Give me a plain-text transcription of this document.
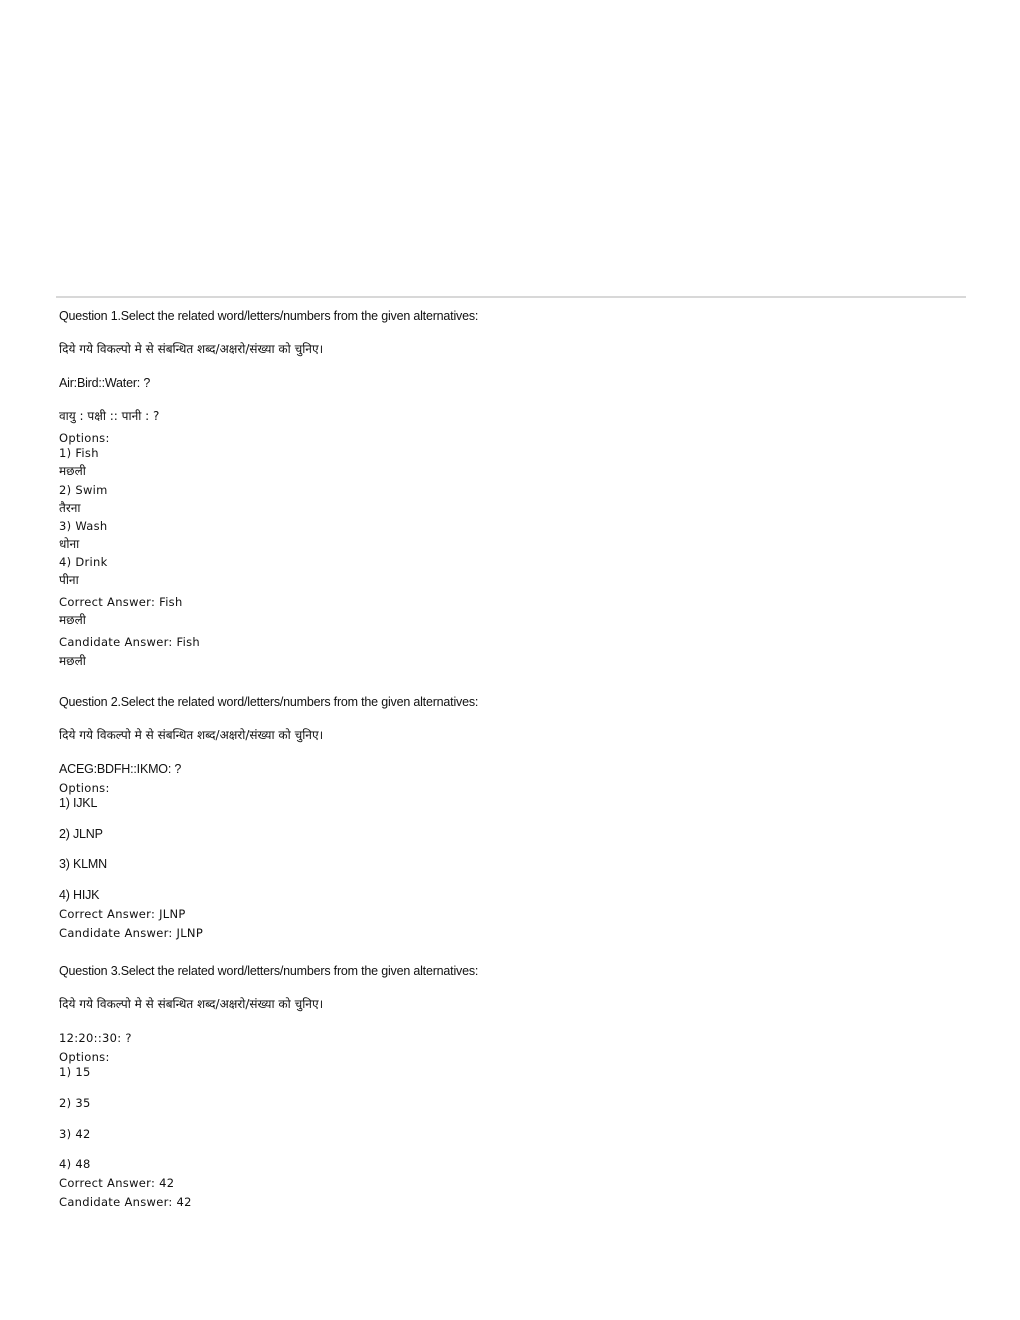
Question 1.Select the related word/letters/numbers from the given alternatives:
दिये गये विकल्पो मे से संबन्धित शब्द/अक्षरो/संख्या को चुनिए।
Air:Bird::Water: ?
वायु : पक्षी :: पानी : ?
Options:
1) Fish
मछली
2) Swim
तैरना
3) Wash
धोना
4) Drink
पीना
Correct Answer: Fish
मछली
Candidate Answer: Fish
मछली
Question 2.Select the related word/letters/numbers from the given alternatives:
दिये गये विकल्पो मे से संबन्धित शब्द/अक्षरो/संख्या को चुनिए।
ACEG:BDFH::IKMO: ?
Options:
1) IJKL
2) JLNP
3) KLMN
4) HIJK
Correct Answer: JLNP
Candidate Answer: JLNP
Question 3.Select the related word/letters/numbers from the given alternatives:
दिये गये विकल्पो मे से संबन्धित शब्द/अक्षरो/संख्या को चुनिए।
12:20::30: ?
Options:
1) 15
2) 35
3) 42
4) 48
Correct Answer: 42
Candidate Answer: 42
